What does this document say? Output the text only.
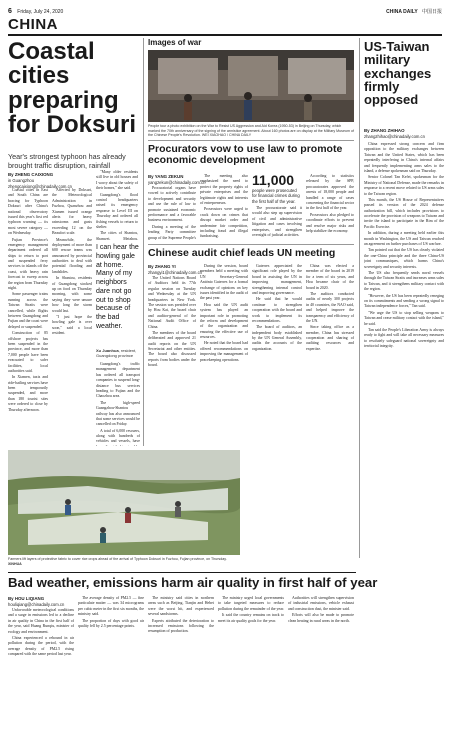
6 Friday, July 24, 2020	CHINA DAILY 中国日报
CHINA
Coastal cities preparing for Doksuri
Year's strongest typhoon has already brought traffic disruption, rainfall
By ZHENG CAIXIONG
in Guangzhou
zhengcaixiong@chinadaily.com.cn

Coastal cities in East and South China are bracing for Typhoon Doksuri after China's national observatory issued this year's first red typhoon warning — its most severe category — on Wednesday.

Fujian Province's emergency management department ordered all ships to return to port and suspended ferry services to islands off the coast, with heavy rain forecast to sweep across the region from Thursday night.

Some passenger trains running across the Taiwan Straits were cancelled, while flights between Guangdong and Fujian and the coast were delayed or suspended.

Construction of 85 offshore projects has been suspended in the province, and more than 7,000 people have been evacuated to safer facilities, local authorities said.

In Xiamen, taxis and ride-hailing services have been temporarily suspended, and more than 180 tourist sites were ordered to close by Thursday afternoon.

Affected by Doksuri, the Meteorological Administration in Fuzhou, Quanzhou and Xiamen issued orange alerts for heavy rainstorms and gusts exceeding 12 on the Beaufort scale.

Meanwhile, the deployment of more than 600 rescue teams was announced by provincial authorities to deal with potential flooding and landslides.

In Shantou, residents of Guangdong stocked up on food on Thursday morning, with some saying they were unsure how long the storm would last.

"I just hope the howling gale is over soon," said a local resident.

"Many older residents still live in old houses and I worry about the safety of their homes," she said.

Guangdong's flood control headquarters raised its emergency response to Level III on Thursday and ordered all fishing vessels to return to shelter.

The cities of Shantou, Shanwei, Meizhou,

I can hear the howling gale at home. Many of my neighbors dare not go out to shop because of the bad weather.
Xu Juanhua, resident, Guangdong province

Guangdong's traffic management department has ordered all transport companies to suspend long-distance bus services heading to Fujian and the Chaozhou area.

The high-speed Guangzhou-Shantou railway has also announced that some services would be cancelled on Friday.

A total of 6,000 rescuers, along with hundreds of vehicles and vessels, have

Farmers lift layers of protective fabric to cover rice crops ahead of the arrival of Typhoon Doksuri in Fuzhou, Fujian province, on Thursday. XINHUA
Images of war
People tour a photo exhibition on the War to Resist US Aggression and Aid Korea (1950-53) in Beijing on Thursday, which marked the 70th anniversary of the signing of the armistice agreement. About 160 photos are on display at the Military Museum of the Chinese People's Revolution. WEI XIAOHAO / CHINA DAILY
Procurators vow to use law to promote economic development
By YANG ZEKUN
yangzekun@chinadaily.com.cn

Procuratorial organs have vowed to actively contribute to development and security and use the rule of law to promote sustained economic performance and a favorable business environment.

During a meeting of the leading Party committee group of the Supreme People's

The meeting also emphasized the need to protect the property rights of private enterprises and the legitimate rights and interests of entrepreneurs.

Prosecutors were urged to crack down on crimes that disrupt market order and undermine fair competition, including fraud and illegal fundraising.

11,000
people were prosecuted for financial crimes during the first half of the year.

The procuratorate said it would also step up supervision of civil and administrative litigation and cases involving enterprises, and strengthen oversight of judicial activities.

According to statistics released by the SPP, procuratorates approved the arrests of 18,000 people and handled a range of cases concerning the financial sector in the first half of the year.

Prosecutors also pledged to coordinate efforts to prevent and resolve major risks and help stabilize the economy.

Chinese audit chief leads UN meeting
By ZHANG YI
zhangyi1@chinadaily.com.cn

The United Nations Board of Auditors held its 77th regular session on Tuesday and Wednesday at the UN headquarters in New York. The session was presided over by Hou Kai, the board chair and auditor-general of the National Audit Office of China.

The members of the board deliberated and approved 21 audit reports on the UN Secretariat and other entities. The board also discussed reports from bodies under the board.

During the session, board members held a meeting with UN Secretary-General António Guterres for a formal exchange of opinions on key issues identified in the audit of the past year.

Hou said the UN audit system has played an important role in promoting the reform and development of the organization and ensuring the effective use of resources.

He noted that the board had offered recommendations on improving the management of peacekeeping operations.

Guterres appreciated the significant role played by the board in assisting the UN in improving management, strengthening internal control and improving governance.

He said that he would continue to strengthen cooperation with the board and work to implement its recommendations.

The board of auditors, an independent body established by the UN General Assembly, audits the accounts of the organization.

China was elected a member of the board in 2019 for a term of six years, and Hou became chair of the board in 2020.

The auditors conducted audits of nearly 300 projects in 40 countries, the NAO said, and helped improve the transparency and efficiency of the UN.

Since taking office as a member, China has stressed cooperation and sharing of auditing resources and expertise.

US-Taiwan military exchanges firmly opposed
By ZHANG ZHIHAO
zhangzhihao@chinadaily.com.cn

China expressed strong concern and firm opposition to the military exchanges between Taiwan and the United States, which has been repeatedly interfering in China's internal affairs and frequently implementing arms sales to the island, a defense spokesman said on Thursday.

Senior Colonel Tan Kefei, spokesman for the Ministry of National Defense, made the remarks in response to a recent move related to US arms sales to the Taiwan region.

This month, the US House of Representatives passed its version of the 2024 defense authorization bill, which includes provisions to accelerate the provision of weapons to Taiwan and invite the island to participate in the Rim of the Pacific Exercise.

In addition, during a meeting held earlier this month in Washington, the US and Taiwan reached an agreement on further purchases of US warfare.

Tan pointed out that the US has clearly violated the one-China principle and the three China-US joint communiques, which harms China's sovereignty and security interests.

The US also frequently sends naval vessels through the Taiwan Straits and increases arms sales to Taiwan, and it strengthens military contact with the region.

"However, the US has been repeatedly reneging on its commitments and sending a wrong signal to Taiwan independence forces," Tan said.

"We urge the US to stop selling weapons to Taiwan and cease military contact with the island," he said.

Tan said the People's Liberation Army is always ready to fight and will take all necessary measures to resolutely safeguard national sovereignty and territorial integrity.

Bad weather, emissions harm air quality in first half of year
By HOU LIQIANG
houliqiang@chinadaily.com.cn

Unfavorable meteorological conditions and a surge in emissions led to a decline in air quality in China in the first half of the year, said Huang Runqiu, minister of ecology and environment.

China experienced a rebound in air pollution during the period, with the average density of PM2.5 rising compared with the same period last year.

The average density of PM2.5 — fine particulate matter — was 34 micrograms per cubic meter in the first six months, the ministry said.

The proportion of days with good air quality fell by 2.5 percentage points.

The ministry said cities in northern areas such as Beijing, Tianjin and Hebei were the worst hit, and experienced several sandstorms.

Experts attributed the deterioration to increased emissions following the resumption of production.

The ministry urged local governments to take targeted measures to reduce pollution during the remainder of the year.

It said the country remains on track to meet its air quality goals for the year.

Authorities will strengthen supervision of industrial emissions, vehicle exhaust and construction dust, the minister said.

Efforts will also be made to promote clean heating in rural areas in the north.
